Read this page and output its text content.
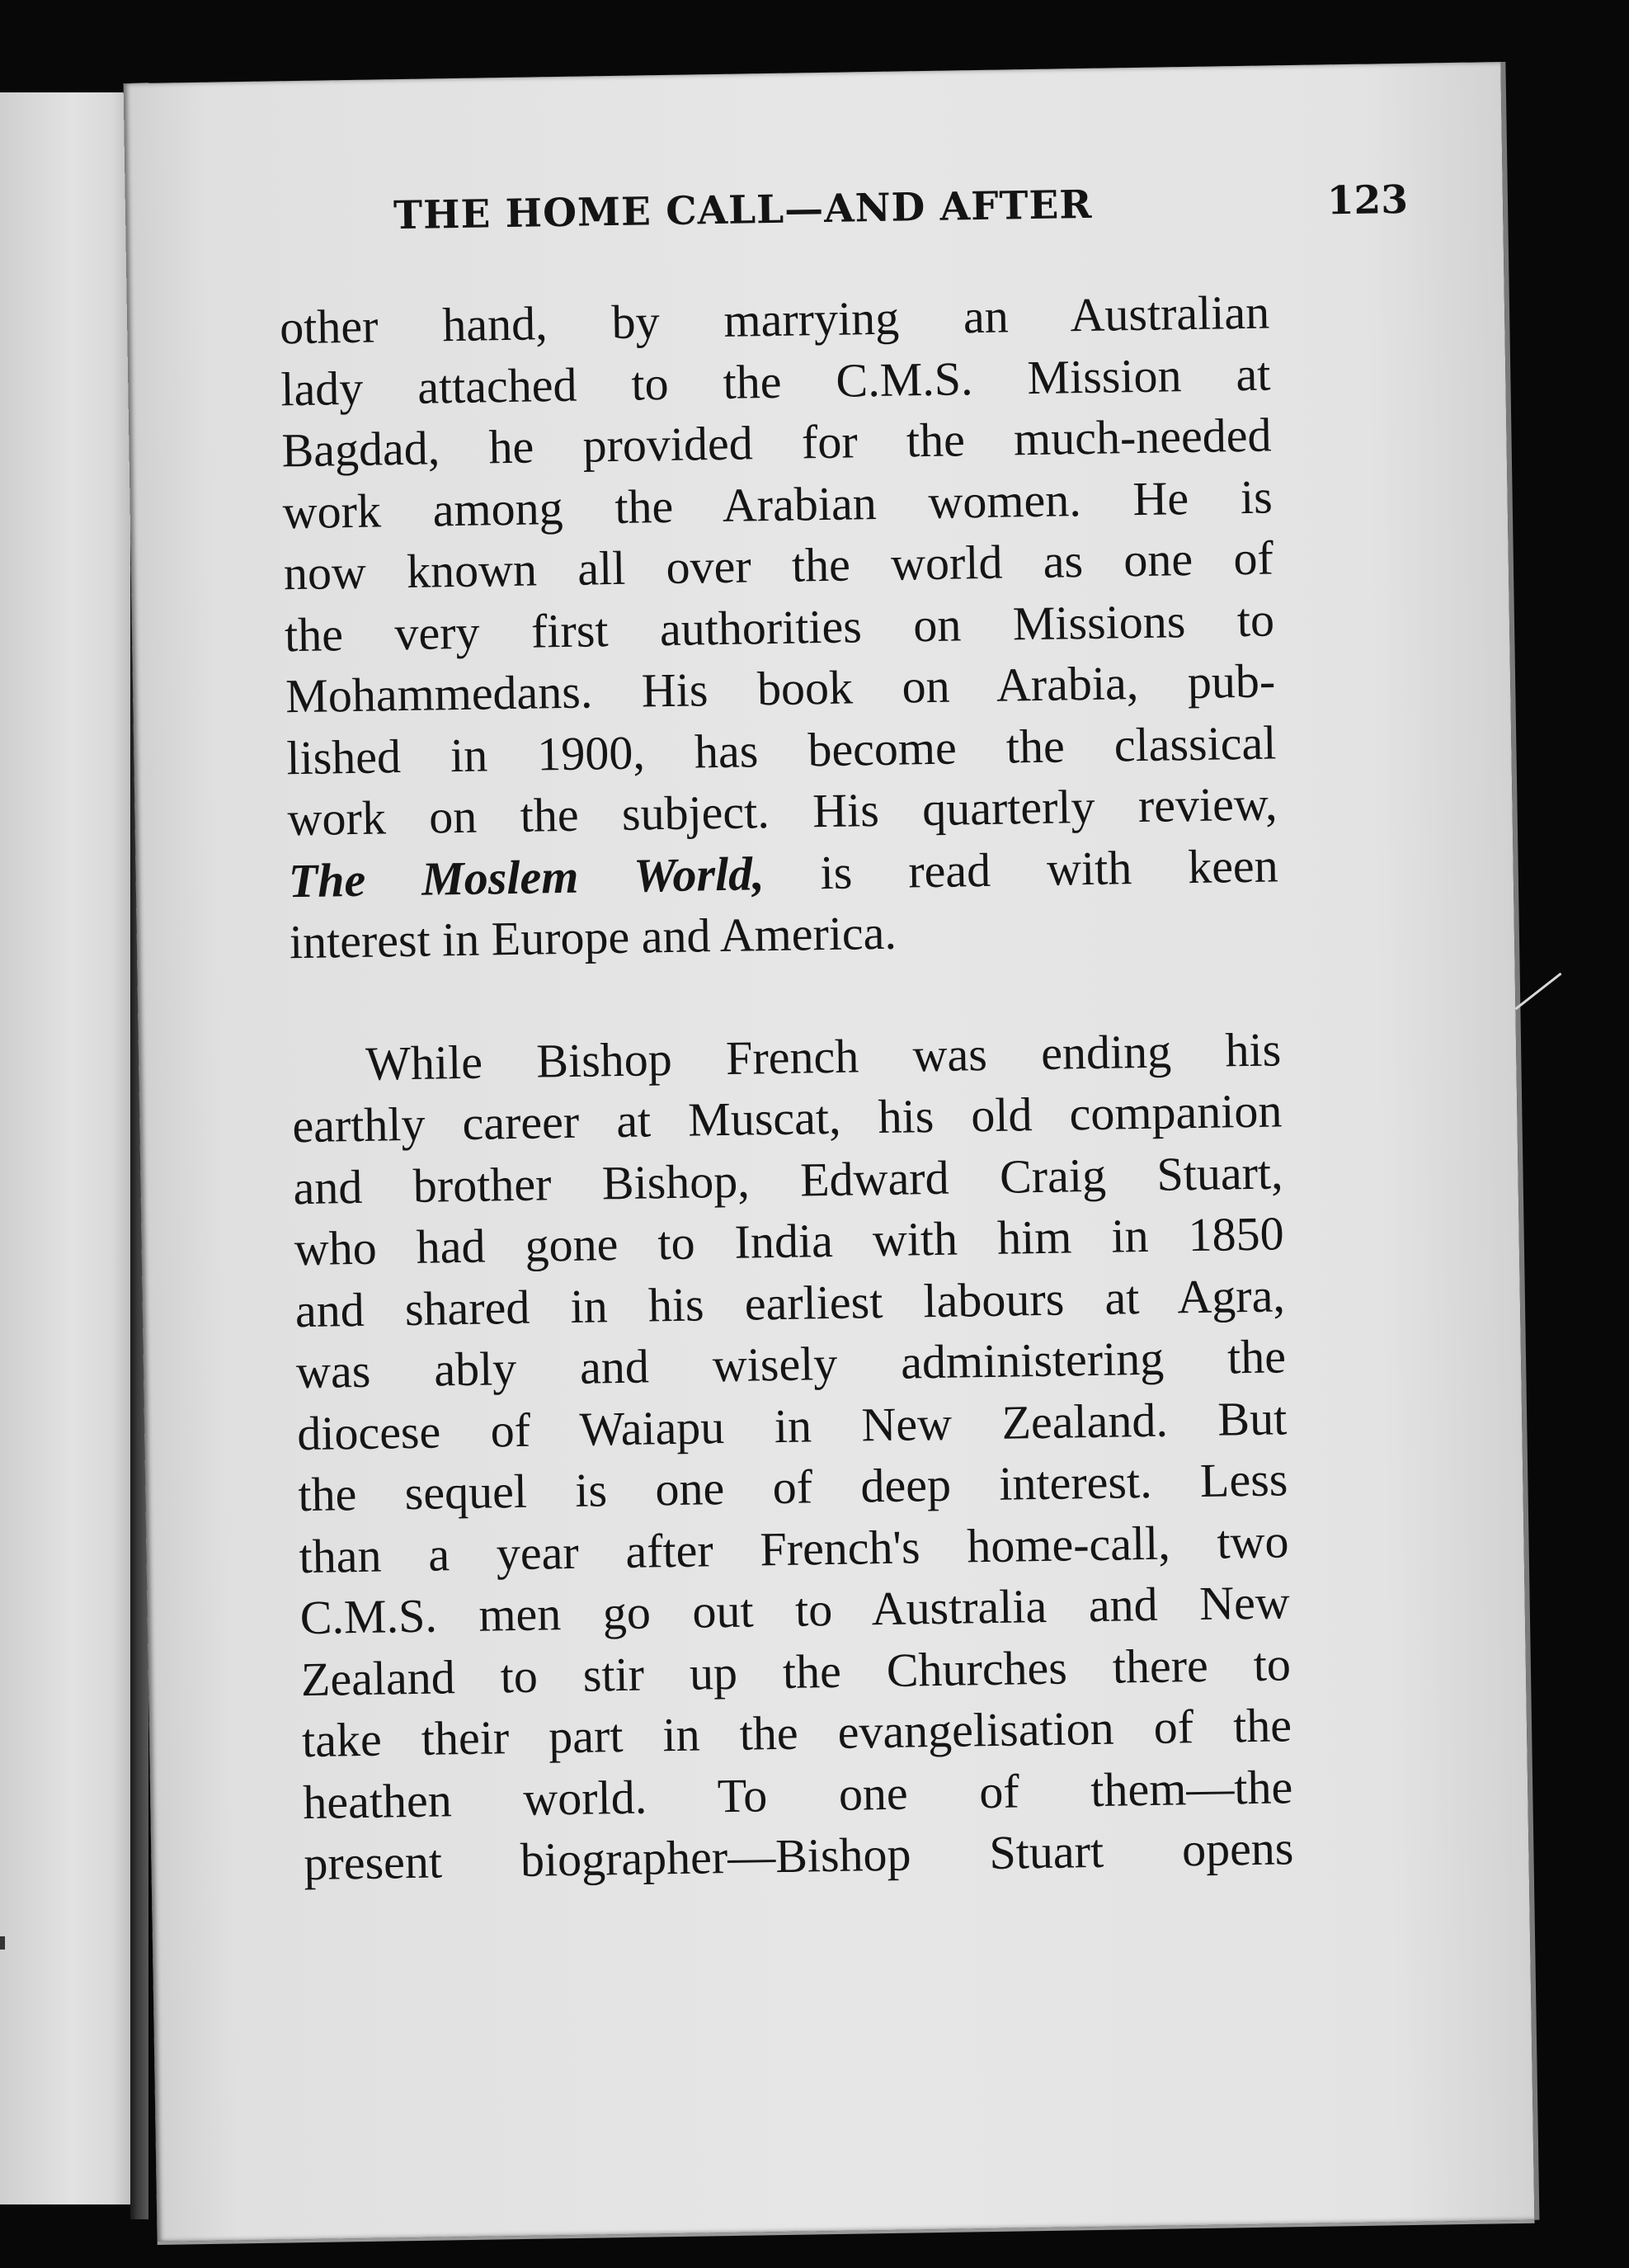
THE HOME CALL—AND AFTER	123
other hand, by marrying an Australian
lady attached to the C.M.S. Mission at
Bagdad, he provided for the much-needed
work among the Arabian women. He is
now known all over the world as one of
the very first authorities on Missions to
Mohammedans. His book on Arabia, pub-
lished in 1900, has become the classical
work on the subject. His quarterly review,
The Moslem World, is read with keen
interest in Europe and America.
While Bishop French was ending his
earthly career at Muscat, his old companion
and brother Bishop, Edward Craig Stuart,
who had gone to India with him in 1850
and shared in his earliest labours at Agra,
was ably and wisely administering the
diocese of Waiapu in New Zealand. But
the sequel is one of deep interest. Less
than a year after French's home-call, two
C.M.S. men go out to Australia and New
Zealand to stir up the Churches there to
take their part in the evangelisation of the
heathen world. To one of them—the
present biographer—Bishop Stuart opens
